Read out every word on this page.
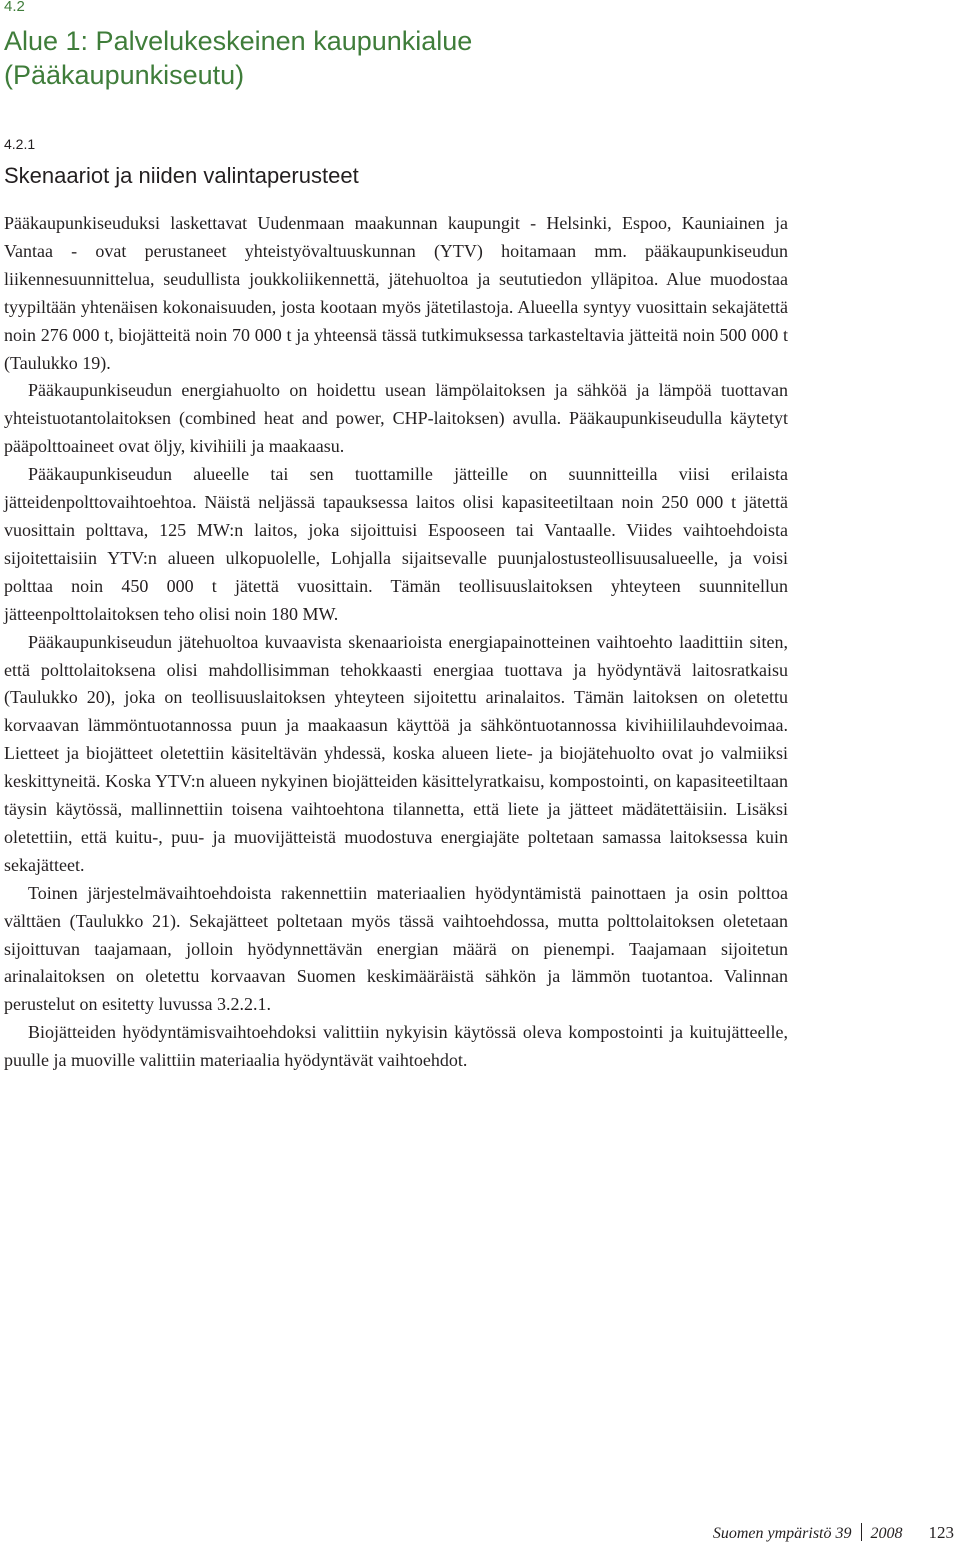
4.2
Alue 1: Palvelukeskeinen kaupunkialue
(Pääkaupunkiseutu)
4.2.1
Skenaariot ja niiden valintaperusteet

Pääkaupunkiseuduksi laskettavat Uudenmaan maakunnan kaupungit - Helsinki, Espoo, Kauniainen ja Vantaa - ovat perustaneet yhteistyövaltuuskunnan (YTV) hoitamaan mm. pääkaupunkiseudun liikennesuunnittelua, seudullista joukkoliikennettä, jätehuoltoa ja seututiedon ylläpitoa. Alue muodostaa tyypiltään yhtenäisen kokonaisuuden, josta kootaan myös jätetilastoja. Alueella syntyy vuosittain sekajätettä noin 276 000 t, biojätteitä noin 70 000 t ja yhteensä tässä tutkimuksessa tarkasteltavia jätteitä noin 500 000 t (Taulukko 19).

Pääkaupunkiseudun energiahuolto on hoidettu usean lämpölaitoksen ja sähköä ja lämpöä tuottavan yhteistuotantolaitoksen (combined heat and power, CHP-laitoksen) avulla. Pääkaupunkiseudulla käytetyt pääpolttoaineet ovat öljy, kivihiili ja maakaasu.

Pääkaupunkiseudun alueelle tai sen tuottamille jätteille on suunnitteilla viisi erilaista jätteidenpolttovaihtoehtoa. Näistä neljässä tapauksessa laitos olisi kapasiteetiltaan noin 250 000 t jätettä vuosittain polttava, 125 MW:n laitos, joka sijoittuisi Espooseen tai Vantaalle. Viides vaihtoehdoista sijoitettaisiin YTV:n alueen ulkopuolelle, Lohjalla sijaitsevalle puunjalostusteollisuusalueelle, ja voisi polttaa noin 450 000 t jätettä vuosittain. Tämän teollisuuslaitoksen yhteyteen suunnitellun jätteenpolttolaitoksen teho olisi noin 180 MW.

Pääkaupunkiseudun jätehuoltoa kuvaavista skenaarioista energiapainotteinen vaihtoehto laadittiin siten, että polttolaitoksena olisi mahdollisimman tehokkaasti energiaa tuottava ja hyödyntävä laitosratkaisu (Taulukko 20), joka on teollisuuslaitoksen yhteyteen sijoitettu arinalaitos. Tämän laitoksen on oletettu korvaavan lämmöntuotannossa puun ja maakaasun käyttöä ja sähköntuotannossa kivihiililauhdevoimaa. Lietteet ja biojätteet oletettiin käsiteltävän yhdessä, koska alueen liete- ja biojätehuolto ovat jo valmiiksi keskittyneitä. Koska YTV:n alueen nykyinen biojätteiden käsittelyratkaisu, kompostointi, on kapasiteetiltaan täysin käytössä, mallinnettiin toisena vaihtoehtona tilannetta, että liete ja jätteet mädätettäisiin. Lisäksi oletettiin, että kuitu-, puu- ja muovijätteistä muodostuva energiajäte poltetaan samassa laitoksessa kuin sekajätteet.

Toinen järjestelmävaihtoehdoista rakennettiin materiaalien hyödyntämistä painottaen ja osin polttoa välttäen (Taulukko 21). Sekajätteet poltetaan myös tässä vaihtoehdossa, mutta polttolaitoksen oletetaan sijoittuvan taajamaan, jolloin hyödynnettävän energian määrä on pienempi. Taajamaan sijoitetun arinalaitoksen on oletettu korvaavan Suomen keskimääräistä sähkön ja lämmön tuotantoa. Valinnan perustelut on esitetty luvussa 3.2.2.1.

Biojätteiden hyödyntämisvaihtoehdoksi valittiin nykyisin käytössä oleva kompostointi ja kuitujätteelle, puulle ja muoville valittiin materiaalia hyödyntävät vaihtoehdot.

Suomen ympäristö 39 2008 123
